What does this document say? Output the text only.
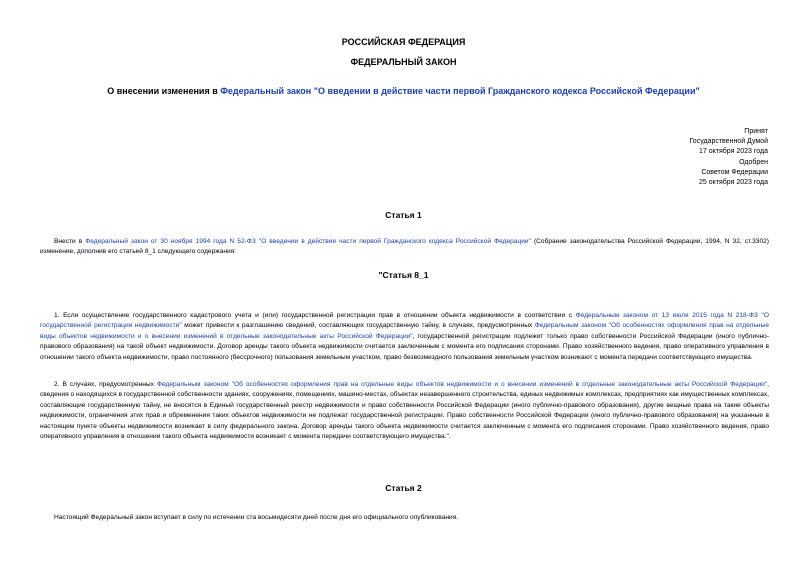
РОССИЙСКАЯ ФЕДЕРАЦИЯ
ФЕДЕРАЛЬНЫЙ ЗАКОН
О внесении изменения в Федеральный закон "О введении в действие части первой Гражданского кодекса Российской Федерации"
Принят
Государственной Думой
17 октября 2023 года
Одобрен
Советом Федерации
25 октября 2023 года
Статья 1
Внести в Федеральный закон от 30 ноября 1994 года N 52-ФЗ "О введении в действие части первой Гражданского кодекса Российской Федерации" (Собрание законодательства Российской Федерации, 1994, N 32, ст.3302) изменение, дополнив его статьей 8_1 следующего содержания:
"Статья 8_1
1. Если осуществление государственного кадастрового учета и (или) государственной регистрации прав в отношении объекта недвижимости в соответствии с Федеральным законом от 13 июля 2015 года N 218-ФЗ "О государственной регистрации недвижимости" может привести к разглашению сведений, составляющих государственную тайну, в случаях, предусмотренных Федеральным законом "Об особенностях оформления прав на отдельные виды объектов недвижимости и о внесении изменений в отдельные законодательные акты Российской Федерации", государственной регистрации подлежит только право собственности Российской Федерации (иного публично-правового образования) на такой объект недвижимости. Договор аренды такого объекта недвижимости считается заключенным с момента его подписания сторонами. Право хозяйственного ведения, право оперативного управления в отношении такого объекта недвижимости, право постоянного (бессрочного) пользования земельным участком, право безвозмездного пользования земельным участком возникают с момента передачи соответствующего имущества.
2. В случаях, предусмотренных Федеральным законом "Об особенностях оформления прав на отдельные виды объектов недвижимости и о внесении изменений в отдельные законодательные акты Российской Федерации", сведения о находящихся в государственной собственности зданиях, сооружениях, помещениях, машино-местах, объектах незавершенного строительства, единых недвижимых комплексах, предприятиях как имущественных комплексах, составляющие государственную тайну, не вносятся в Единый государственный реестр недвижимости и право собственности Российской Федерации (иного публично-правового образования), другие вещные права на такие объекты недвижимости, ограничения этих прав и обременения таких объектов недвижимости не подлежат государственной регистрации. Право собственности Российской Федерации (иного публично-правового образования) на указанные в настоящем пункте объекты недвижимости возникает в силу федерального закона. Договор аренды такого объекта недвижимости считается заключенным с момента его подписания сторонами. Право хозяйственного ведения, право оперативного управления в отношении такого объекта недвижимости возникает с момента передачи соответствующего имущества.".
Статья 2
Настоящий Федеральный закон вступает в силу по истечении ста восьмидесяти дней после дня его официального опубликования.
